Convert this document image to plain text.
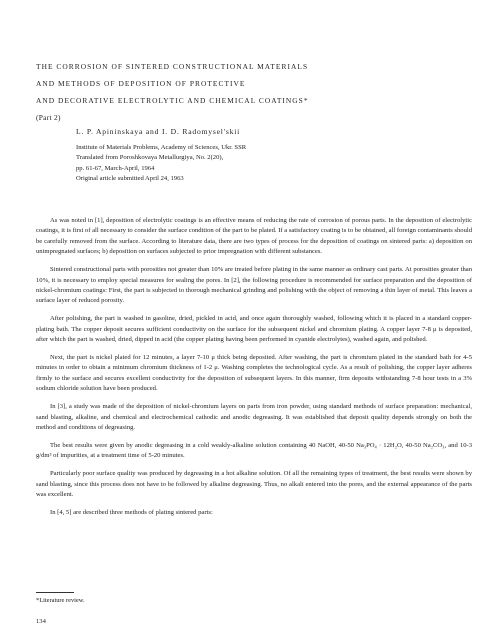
THE CORROSION OF SINTERED CONSTRUCTIONAL MATERIALS
AND METHODS OF DEPOSITION OF PROTECTIVE
AND DECORATIVE ELECTROLYTIC AND CHEMICAL COATINGS*
(Part 2)
L. P. Apininskaya and I. D. Radomysel'skii
Institute of Materials Problems, Academy of Sciences, Ukr. SSR
Translated from Poroshkovaya Metallurgiya, No. 2(20),
pp. 61-67, March-April, 1964
Original article submitted April 24, 1963

As was noted in [1], deposition of electrolytic coatings is an effective means of reducing the rate of corrosion of porous parts. In the deposition of electrolytic coatings, it is first of all necessary to consider the surface condition of the part to be plated. If a satisfactory coating is to be obtained, all foreign contaminants should be carefully removed from the surface. According to literature data, there are two types of process for the deposition of coatings on sintered parts: a) deposition on unimpregnated surfaces; b) deposition on surfaces subjected to prior impregnation with different substances.

Sintered constructional parts with porosities not greater than 10% are treated before plating in the same manner as ordinary cast parts. At porosities greater than 10%, it is necessary to employ special measures for sealing the pores. In [2], the following procedure is recommended for surface preparation and the deposition of nickel-chromium coatings: First, the part is subjected to thorough mechanical grinding and polishing with the object of removing a thin layer of metal. This leaves a surface layer of reduced porosity.

After polishing, the part is washed in gasoline, dried, pickled in acid, and once again thoroughly washed, following which it is placed in a standard copper-plating bath. The copper deposit secures sufficient conductivity on the surface for the subsequent nickel and chromium plating. A copper layer 7-8 μ is deposited, after which the part is washed, dried, dipped in acid (the copper plating having been performed in cyanide electrolytes), washed again, and polished.

Next, the part is nickel plated for 12 minutes, a layer 7-10 μ thick being deposited. After washing, the part is chromium plated in the standard bath for 4-5 minutes in order to obtain a minimum chromium thickness of 1-2 μ. Washing completes the technological cycle. As a result of polishing, the copper layer adheres firmly to the surface and secures excellent conductivity for the deposition of subsequent layers. In this manner, firm deposits withstanding 7-8 hour tests in a 3% sodium chloride solution have been produced.

In [3], a study was made of the deposition of nickel-chromium layers on parts from iron powder, using standard methods of surface preparation: mechanical, sand blasting, alkaline, and chemical and electrochemical cathodic and anodic degreasing. It was established that deposit quality depends strongly on both the method and conditions of degreasing.

The best results were given by anodic degreasing in a cold weakly-alkaline solution containing 40 NaOH, 40-50 Na₃PO₄ · 12H₂O, 40-50 Na₂CO₃, and 10-3 g/dm³ of impurities, at a treatment time of 5-20 minutes.

Particularly poor surface quality was produced by degreasing in a hot alkaline solution. Of all the remaining types of treatment, the best results were shown by sand blasting, since this process does not have to be followed by alkaline degreasing. Thus, no alkali entered into the pores, and the external appearance of the parts was excellent.

In [4, 5] are described three methods of plating sintered parts:

*Literature review.
134
